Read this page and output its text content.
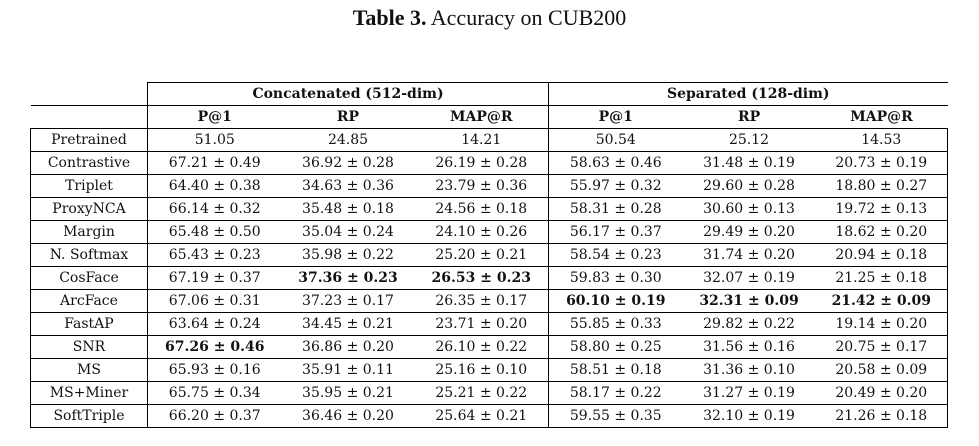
Table 3. Accuracy on CUB200
	Concatenated (512-dim)			Separated (128-dim)		
	P@1	RP	MAP@R	P@1	RP	MAP@R
Pretrained	51.05	24.85	14.21	50.54	25.12	14.53
Contrastive	67.21 ± 0.49	36.92 ± 0.28	26.19 ± 0.28	58.63 ± 0.46	31.48 ± 0.19	20.73 ± 0.19
Triplet	64.40 ± 0.38	34.63 ± 0.36	23.79 ± 0.36	55.97 ± 0.32	29.60 ± 0.28	18.80 ± 0.27
ProxyNCA	66.14 ± 0.32	35.48 ± 0.18	24.56 ± 0.18	58.31 ± 0.28	30.60 ± 0.13	19.72 ± 0.13
Margin	65.48 ± 0.50	35.04 ± 0.24	24.10 ± 0.26	56.17 ± 0.37	29.49 ± 0.20	18.62 ± 0.20
N. Softmax	65.43 ± 0.23	35.98 ± 0.22	25.20 ± 0.21	58.54 ± 0.23	31.74 ± 0.20	20.94 ± 0.18
CosFace	67.19 ± 0.37	37.36 ± 0.23	26.53 ± 0.23	59.83 ± 0.30	32.07 ± 0.19	21.25 ± 0.18
ArcFace	67.06 ± 0.31	37.23 ± 0.17	26.35 ± 0.17	60.10 ± 0.19	32.31 ± 0.09	21.42 ± 0.09
FastAP	63.64 ± 0.24	34.45 ± 0.21	23.71 ± 0.20	55.85 ± 0.33	29.82 ± 0.22	19.14 ± 0.20
SNR	67.26 ± 0.46	36.86 ± 0.20	26.10 ± 0.22	58.80 ± 0.25	31.56 ± 0.16	20.75 ± 0.17
MS	65.93 ± 0.16	35.91 ± 0.11	25.16 ± 0.10	58.51 ± 0.18	31.36 ± 0.10	20.58 ± 0.09
MS+Miner	65.75 ± 0.34	35.95 ± 0.21	25.21 ± 0.22	58.17 ± 0.22	31.27 ± 0.19	20.49 ± 0.20
SoftTriple	66.20 ± 0.37	36.46 ± 0.20	25.64 ± 0.21	59.55 ± 0.35	32.10 ± 0.19	21.26 ± 0.18
